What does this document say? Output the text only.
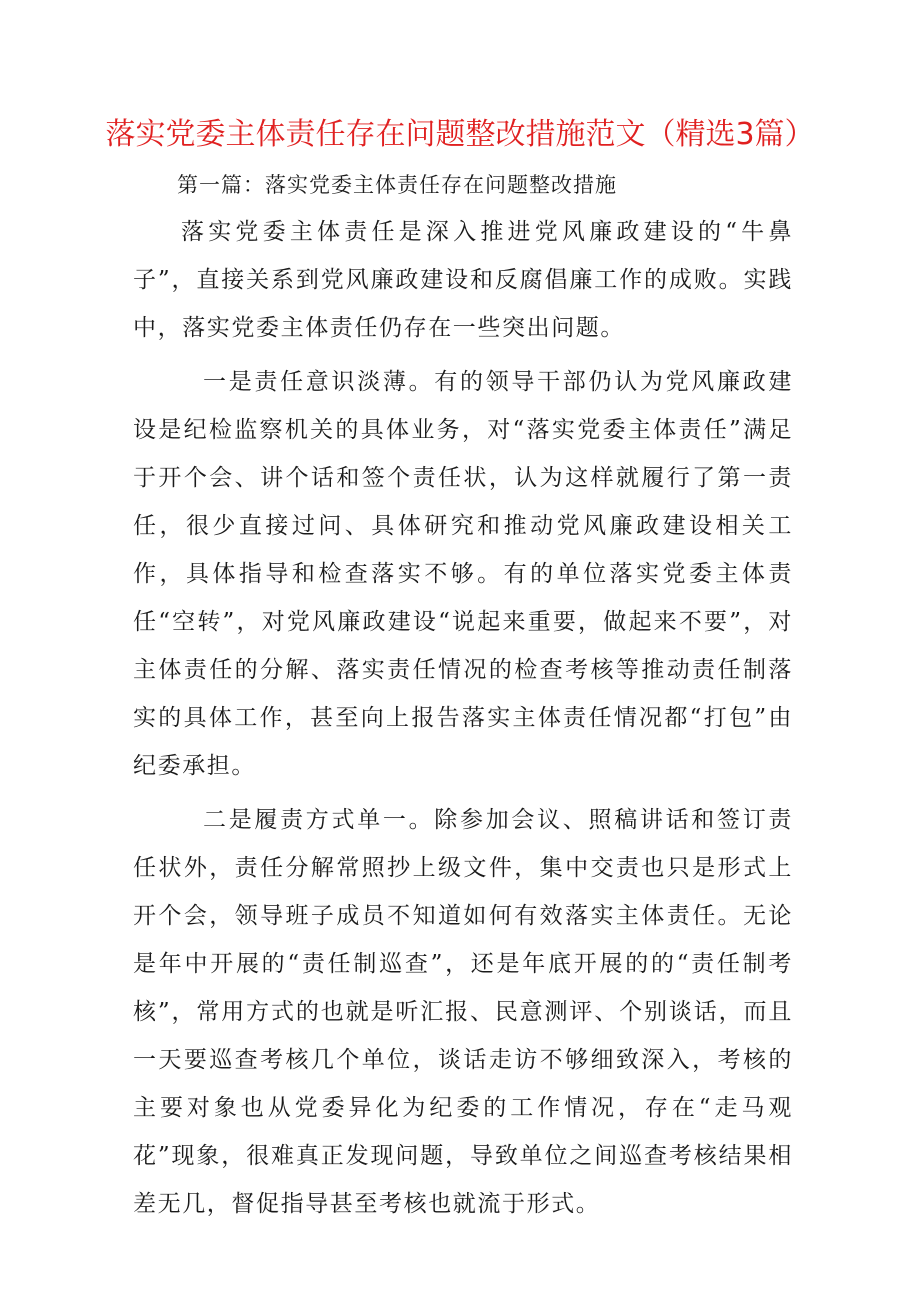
落实党委主体责任存在问题整改措施范文（精选3篇）

第一篇：落实党委主体责任存在问题整改措施

落实党委主体责任是深入推进党风廉政建设的“牛鼻子”，直接关系到党风廉政建设和反腐倡廉工作的成败。实践中，落实党委主体责任仍存在一些突出问题。

一是责任意识淡薄。有的领导干部仍认为党风廉政建设是纪检监察机关的具体业务，对“落实党委主体责任”满足于开个会、讲个话和签个责任状，认为这样就履行了第一责任，很少直接过问、具体研究和推动党风廉政建设相关工作，具体指导和检查落实不够。有的单位落实党委主体责任“空转”，对党风廉政建设“说起来重要，做起来不要”，对主体责任的分解、落实责任情况的检查考核等推动责任制落实的具体工作，甚至向上报告落实主体责任情况都“打包”由纪委承担。

二是履责方式单一。除参加会议、照稿讲话和签订责任状外，责任分解常照抄上级文件，集中交责也只是形式上开个会，领导班子成员不知道如何有效落实主体责任。无论是年中开展的“责任制巡查”，还是年底开展的的“责任制考核”，常用方式的也就是听汇报、民意测评、个别谈话，而且一天要巡查考核几个单位，谈话走访不够细致深入，考核的主要对象也从党委异化为纪委的工作情况，存在“走马观花”现象，很难真正发现问题，导致单位之间巡查考核结果相差无几，督促指导甚至考核也就流于形式。
